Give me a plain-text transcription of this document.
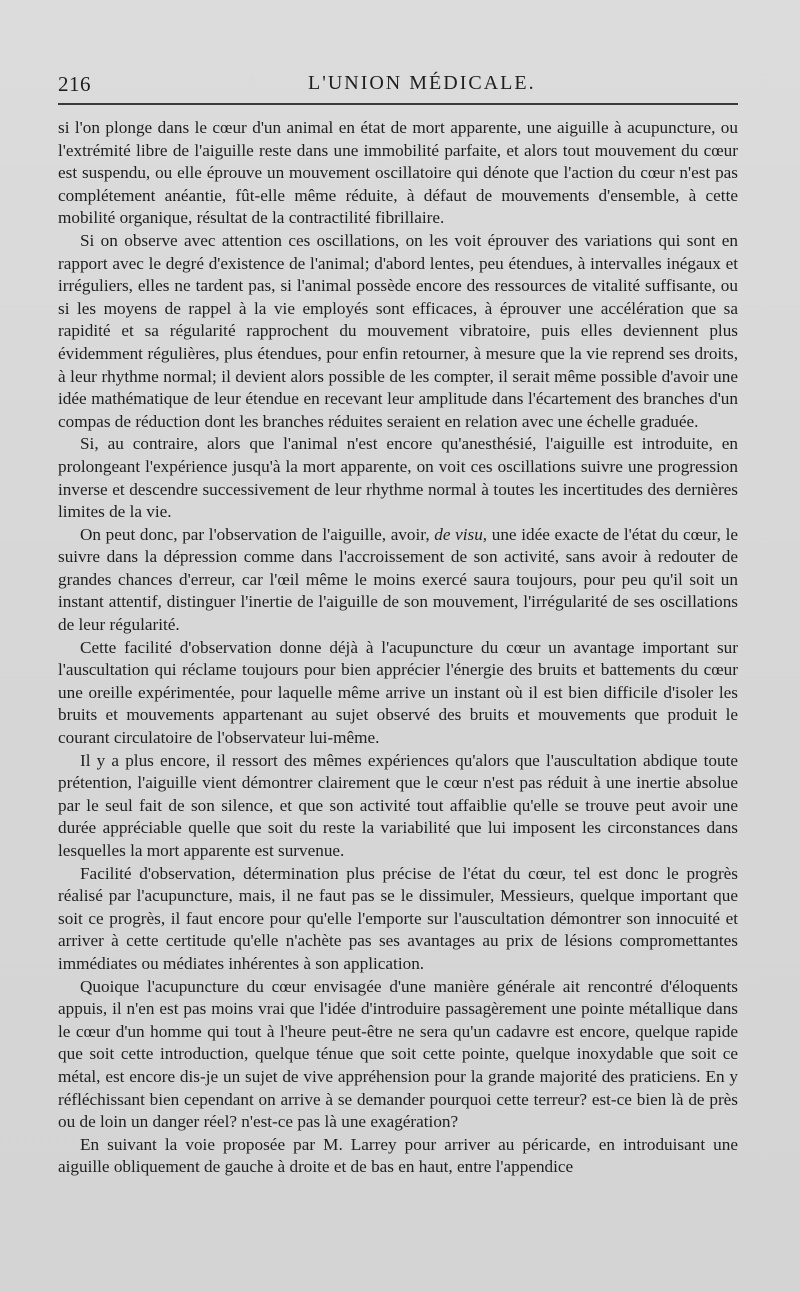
216	L'UNION MÉDICALE.

si l'on plonge dans le cœur d'un animal en état de mort apparente, une aiguille à acupuncture, ou l'extrémité libre de l'aiguille reste dans une immobilité parfaite, et alors tout mouvement du cœur est suspendu, ou elle éprouve un mouvement oscillatoire qui dénote que l'action du cœur n'est pas complétement anéantie, fût-elle même réduite, à défaut de mouvements d'ensemble, à cette mobilité organique, résultat de la contractilité fibrillaire.

Si on observe avec attention ces oscillations, on les voit éprouver des variations qui sont en rapport avec le degré d'existence de l'animal; d'abord lentes, peu étendues, à intervalles inégaux et irréguliers, elles ne tardent pas, si l'animal possède encore des ressources de vitalité suffisante, ou si les moyens de rappel à la vie employés sont efficaces, à éprouver une accélération que sa rapidité et sa régularité rapprochent du mouvement vibratoire, puis elles deviennent plus évidemment régulières, plus étendues, pour enfin retourner, à mesure que la vie reprend ses droits, à leur rhythme normal; il devient alors possible de les compter, il serait même possible d'avoir une idée mathématique de leur étendue en recevant leur amplitude dans l'écartement des branches d'un compas de réduction dont les branches réduites seraient en relation avec une échelle graduée.

Si, au contraire, alors que l'animal n'est encore qu'anesthésié, l'aiguille est introduite, en prolongeant l'expérience jusqu'à la mort apparente, on voit ces oscillations suivre une progression inverse et descendre successivement de leur rhythme normal à toutes les incertitudes des dernières limites de la vie.

On peut donc, par l'observation de l'aiguille, avoir, de visu, une idée exacte de l'état du cœur, le suivre dans la dépression comme dans l'accroissement de son activité, sans avoir à redouter de grandes chances d'erreur, car l'œil même le moins exercé saura toujours, pour peu qu'il soit un instant attentif, distinguer l'inertie de l'aiguille de son mouvement, l'irrégularité de ses oscillations de leur régularité.

Cette facilité d'observation donne déjà à l'acupuncture du cœur un avantage important sur l'auscultation qui réclame toujours pour bien apprécier l'énergie des bruits et battements du cœur une oreille expérimentée, pour laquelle même arrive un instant où il est bien difficile d'isoler les bruits et mouvements appartenant au sujet observé des bruits et mouvements que produit le courant circulatoire de l'observateur lui-même.

Il y a plus encore, il ressort des mêmes expériences qu'alors que l'auscultation abdique toute prétention, l'aiguille vient démontrer clairement que le cœur n'est pas réduit à une inertie absolue par le seul fait de son silence, et que son activité tout affaiblie qu'elle se trouve peut avoir une durée appréciable quelle que soit du reste la variabilité que lui imposent les circonstances dans lesquelles la mort apparente est survenue.

Facilité d'observation, détermination plus précise de l'état du cœur, tel est donc le progrès réalisé par l'acupuncture, mais, il ne faut pas se le dissimuler, Messieurs, quelque important que soit ce progrès, il faut encore pour qu'elle l'emporte sur l'auscultation démontrer son innocuité et arriver à cette certitude qu'elle n'achète pas ses avantages au prix de lésions compromettantes immédiates ou médiates inhérentes à son application.

Quoique l'acupuncture du cœur envisagée d'une manière générale ait rencontré d'éloquents appuis, il n'en est pas moins vrai que l'idée d'introduire passagèrement une pointe métallique dans le cœur d'un homme qui tout à l'heure peut-être ne sera qu'un cadavre est encore, quelque rapide que soit cette introduction, quelque ténue que soit cette pointe, quelque inoxydable que soit ce métal, est encore dis-je un sujet de vive appréhension pour la grande majorité des praticiens. En y réfléchissant bien cependant on arrive à se demander pourquoi cette terreur? est-ce bien là de près ou de loin un danger réel? n'est-ce pas là une exagération?

En suivant la voie proposée par M. Larrey pour arriver au péricarde, en introduisant une aiguille obliquement de gauche à droite et de bas en haut, entre l'appendice
